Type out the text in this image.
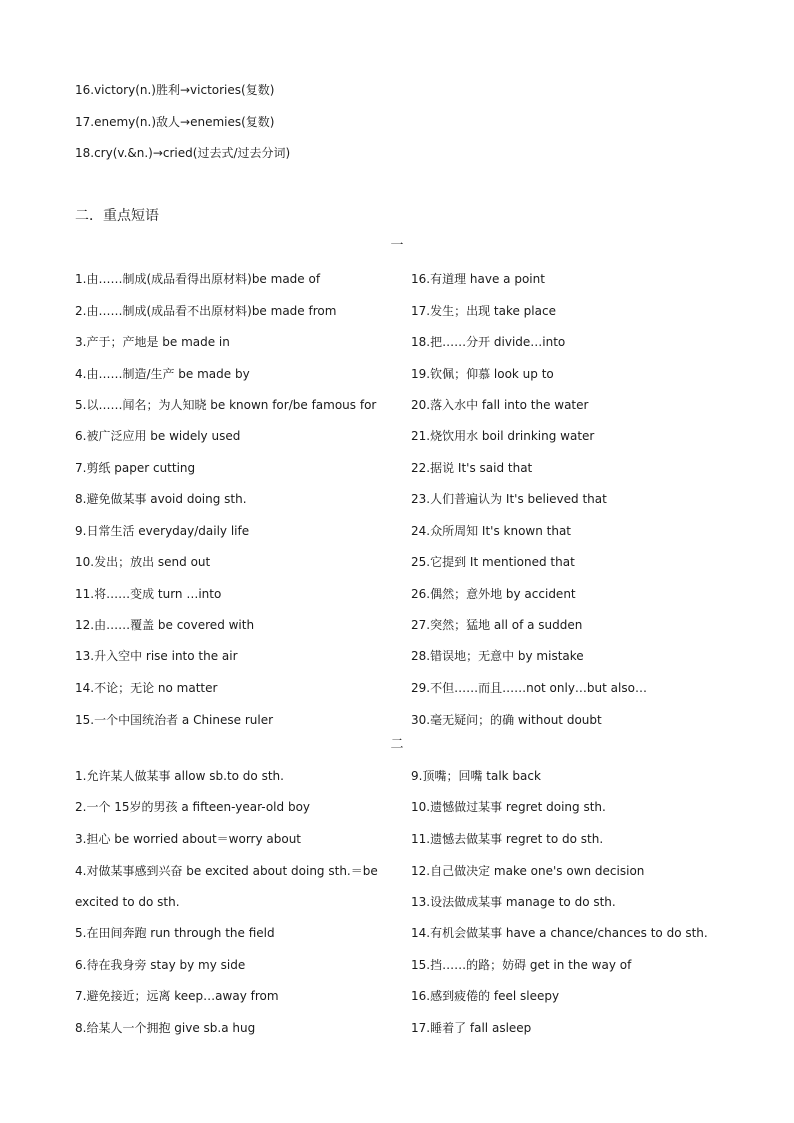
16.victory(n.)胜利→victories(复数)
17.enemy(n.)敌人→enemies(复数)
18.cry(v.&n.)→cried(过去式/过去分词)
二．重点短语
一
1.由……制成(成品看得出原材料)be made of
2.由……制成(成品看不出原材料)be made from
3.产于；产地是 be made in
4.由……制造/生产 be made by
5.以……闻名；为人知晓 be known for/be famous for
6.被广泛应用 be widely used
7.剪纸 paper cutting
8.避免做某事 avoid doing sth.
9.日常生活 everyday/daily life
10.发出；放出 send out
11.将……变成 turn …into
12.由……覆盖 be covered with
13.升入空中 rise into the air
14.不论；无论 no matter
15.一个中国统治者 a Chinese ruler
16.有道理 have a point
17.发生；出现 take place
18.把……分开 divide…into
19.钦佩；仰慕 look up to
20.落入水中 fall into the water
21.烧饮用水 boil drinking water
22.据说 It's said that
23.人们普遍认为 It's believed that
24.众所周知 It's known that
25.它提到 It mentioned that
26.偶然；意外地 by accident
27.突然；猛地 all of a sudden
28.错误地；无意中 by mistake
29.不但……而且……not only…but also…
30.毫无疑问；的确 without doubt
二
1.允许某人做某事 allow sb.to do sth.
2.一个 15岁的男孩 a fifteen-year-old boy
3.担心 be worried about＝worry about
4.对做某事感到兴奋 be excited about doing sth.＝be
excited to do sth.
5.在田间奔跑 run through the field
6.待在我身旁 stay by my side
7.避免接近；远离 keep…away from
8.给某人一个拥抱 give sb.a hug
9.顶嘴；回嘴 talk back
10.遗憾做过某事 regret doing sth.
11.遗憾去做某事 regret to do sth.
12.自己做决定 make one's own decision
13.设法做成某事 manage to do sth.
14.有机会做某事 have a chance/chances to do sth.
15.挡……的路；妨碍 get in the way of
16.感到疲倦的 feel sleepy
17.睡着了 fall asleep
